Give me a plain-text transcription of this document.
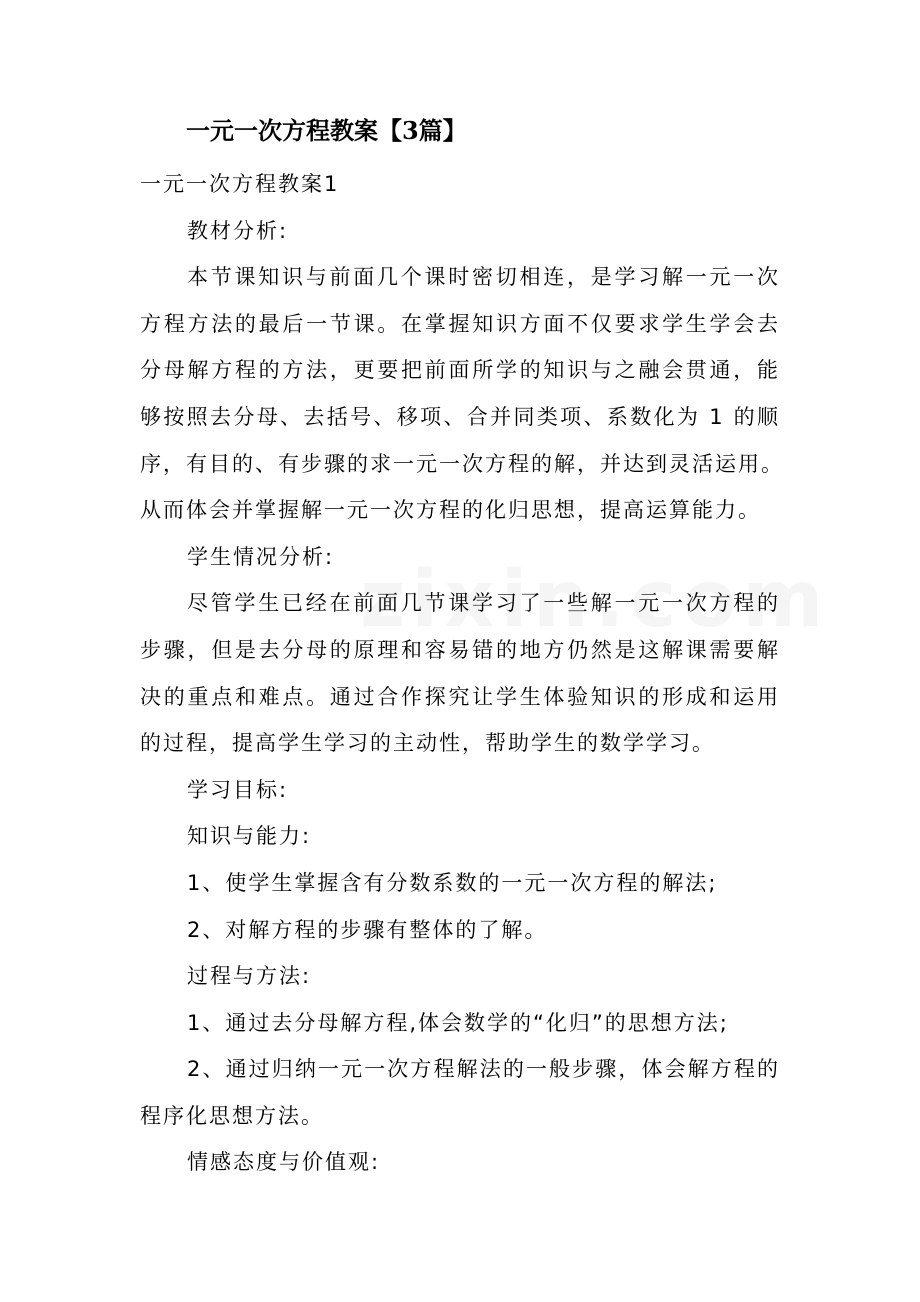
一元一次方程教案【3篇】
一元一次方程教案1
教材分析:
本节课知识与前面几个课时密切相连，是学习解一元一次
方程方法的最后一节课。在掌握知识方面不仅要求学生学会去
分母解方程的方法，更要把前面所学的知识与之融会贯通，能
够按照去分母、去括号、移项、合并同类项、系数化为 1 的顺
序，有目的、有步骤的求一元一次方程的解，并达到灵活运用。
从而体会并掌握解一元一次方程的化归思想，提高运算能力。
学生情况分析:
尽管学生已经在前面几节课学习了一些解一元一次方程的
步骤，但是去分母的原理和容易错的地方仍然是这解课需要解
决的重点和难点。通过合作探究让学生体验知识的形成和运用
的过程，提高学生学习的主动性，帮助学生的数学学习。
学习目标:
知识与能力:
1、使学生掌握含有分数系数的一元一次方程的解法;
2、对解方程的步骤有整体的了解。
过程与方法:
1、通过去分母解方程,体会数学的“化归”的思想方法;
2、通过归纳一元一次方程解法的一般步骤，体会解方程的
程序化思想方法。
情感态度与价值观:
